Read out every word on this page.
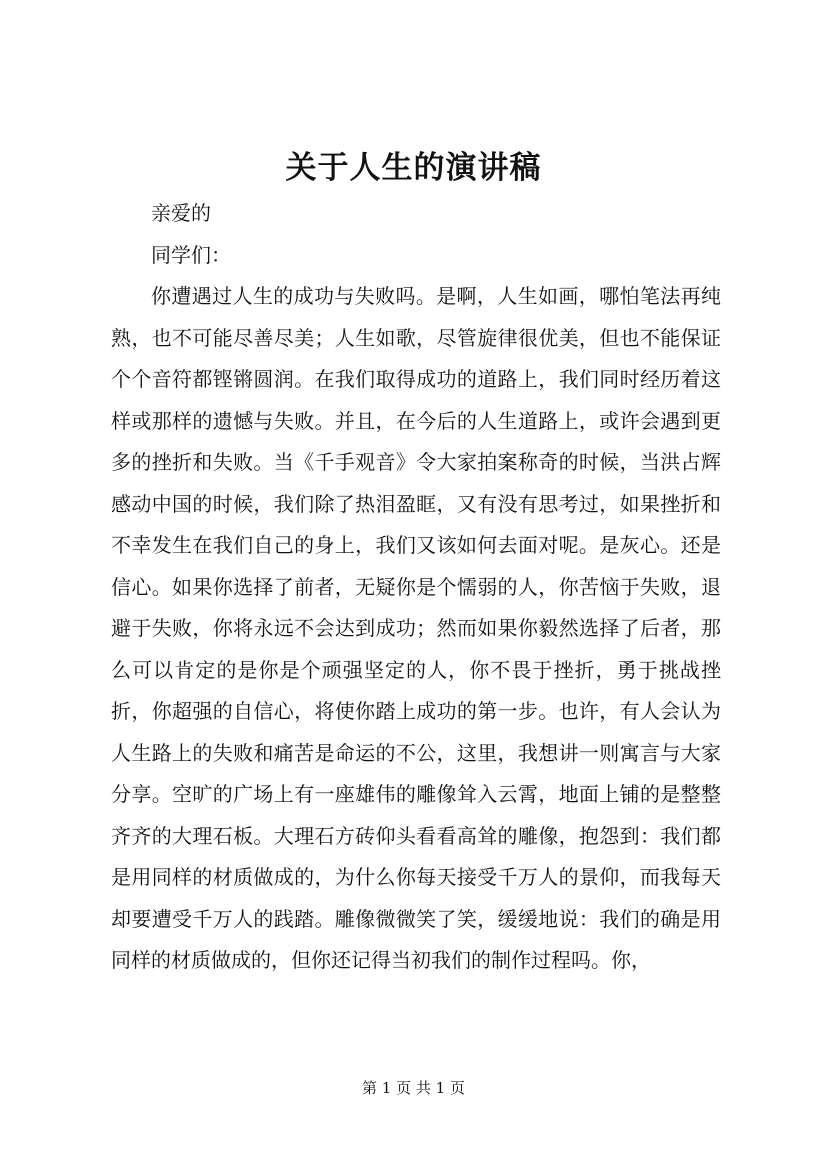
关于人生的演讲稿

亲爱的

同学们：

你遭遇过人生的成功与失败吗。是啊，人生如画，哪怕笔法再纯熟，也不可能尽善尽美；人生如歌，尽管旋律很优美，但也不能保证个个音符都铿锵圆润。在我们取得成功的道路上，我们同时经历着这样或那样的遗憾与失败。并且，在今后的人生道路上，或许会遇到更多的挫折和失败。当《千手观音》令大家拍案称奇的时候，当洪占辉感动中国的时候，我们除了热泪盈眶，又有没有思考过，如果挫折和不幸发生在我们自己的身上，我们又该如何去面对呢。是灰心。还是信心。如果你选择了前者，无疑你是个懦弱的人，你苦恼于失败，退避于失败，你将永远不会达到成功；然而如果你毅然选择了后者，那么可以肯定的是你是个顽强坚定的人，你不畏于挫折，勇于挑战挫折，你超强的自信心，将使你踏上成功的第一步。也许，有人会认为人生路上的失败和痛苦是命运的不公，这里，我想讲一则寓言与大家分享。空旷的广场上有一座雄伟的雕像耸入云霄，地面上铺的是整整齐齐的大理石板。大理石方砖仰头看看高耸的雕像，抱怨到：我们都是用同样的材质做成的，为什么你每天接受千万人的景仰，而我每天却要遭受千万人的践踏。雕像微微笑了笑，缓缓地说：我们的确是用同样的材质做成的，但你还记得当初我们的制作过程吗。你，

第 1 页 共 1 页
